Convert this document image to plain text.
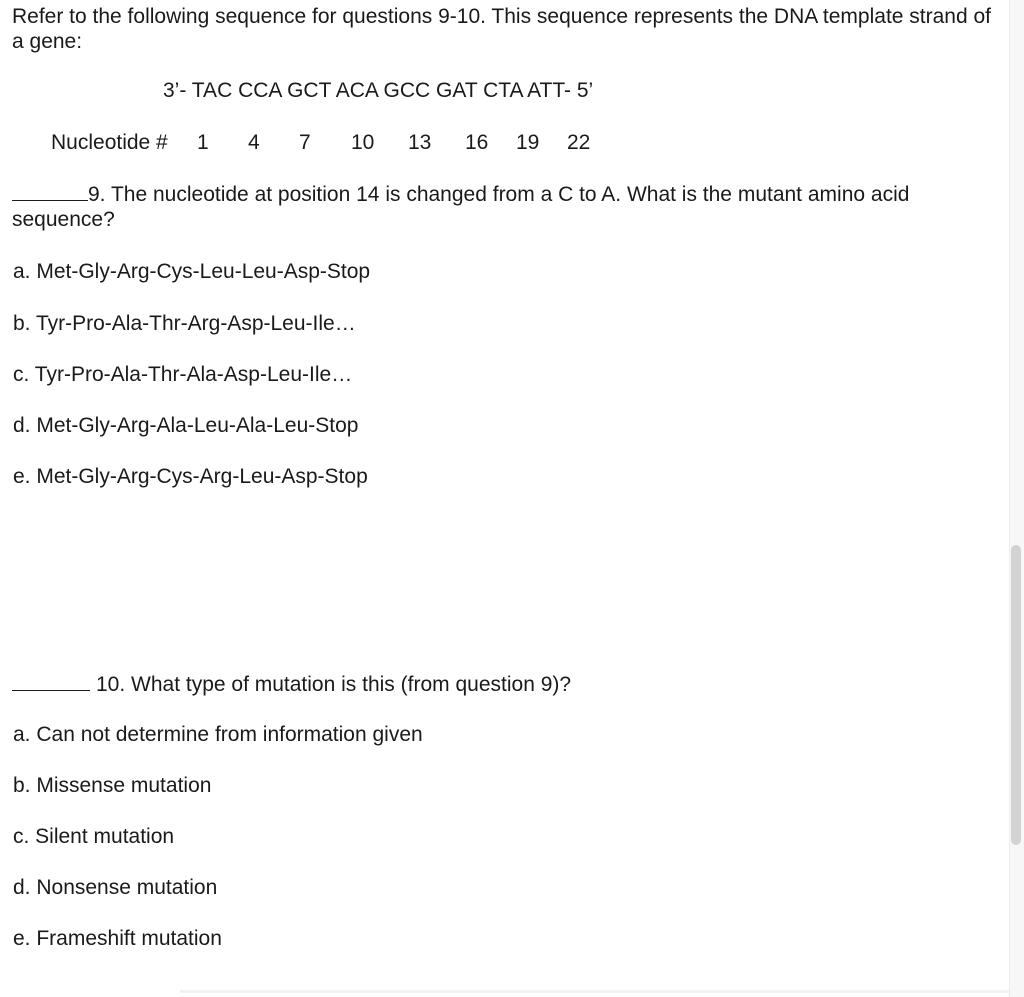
Refer to the following sequence for questions 9-10. This sequence represents the DNA template strand of a gene:
3’- TAC CCA GCT ACA GCC GAT CTA ATT- 5’
Nucleotide # 1 4 7 10 13 16 19 22
9. The nucleotide at position 14 is changed from a C to A. What is the mutant amino acid sequence?
a. Met-Gly-Arg-Cys-Leu-Leu-Asp-Stop
b. Tyr-Pro-Ala-Thr-Arg-Asp-Leu-Ile…
c. Tyr-Pro-Ala-Thr-Ala-Asp-Leu-Ile…
d. Met-Gly-Arg-Ala-Leu-Ala-Leu-Stop
e. Met-Gly-Arg-Cys-Arg-Leu-Asp-Stop
10. What type of mutation is this (from question 9)?
a. Can not determine from information given
b. Missense mutation
c. Silent mutation
d. Nonsense mutation
e. Frameshift mutation
